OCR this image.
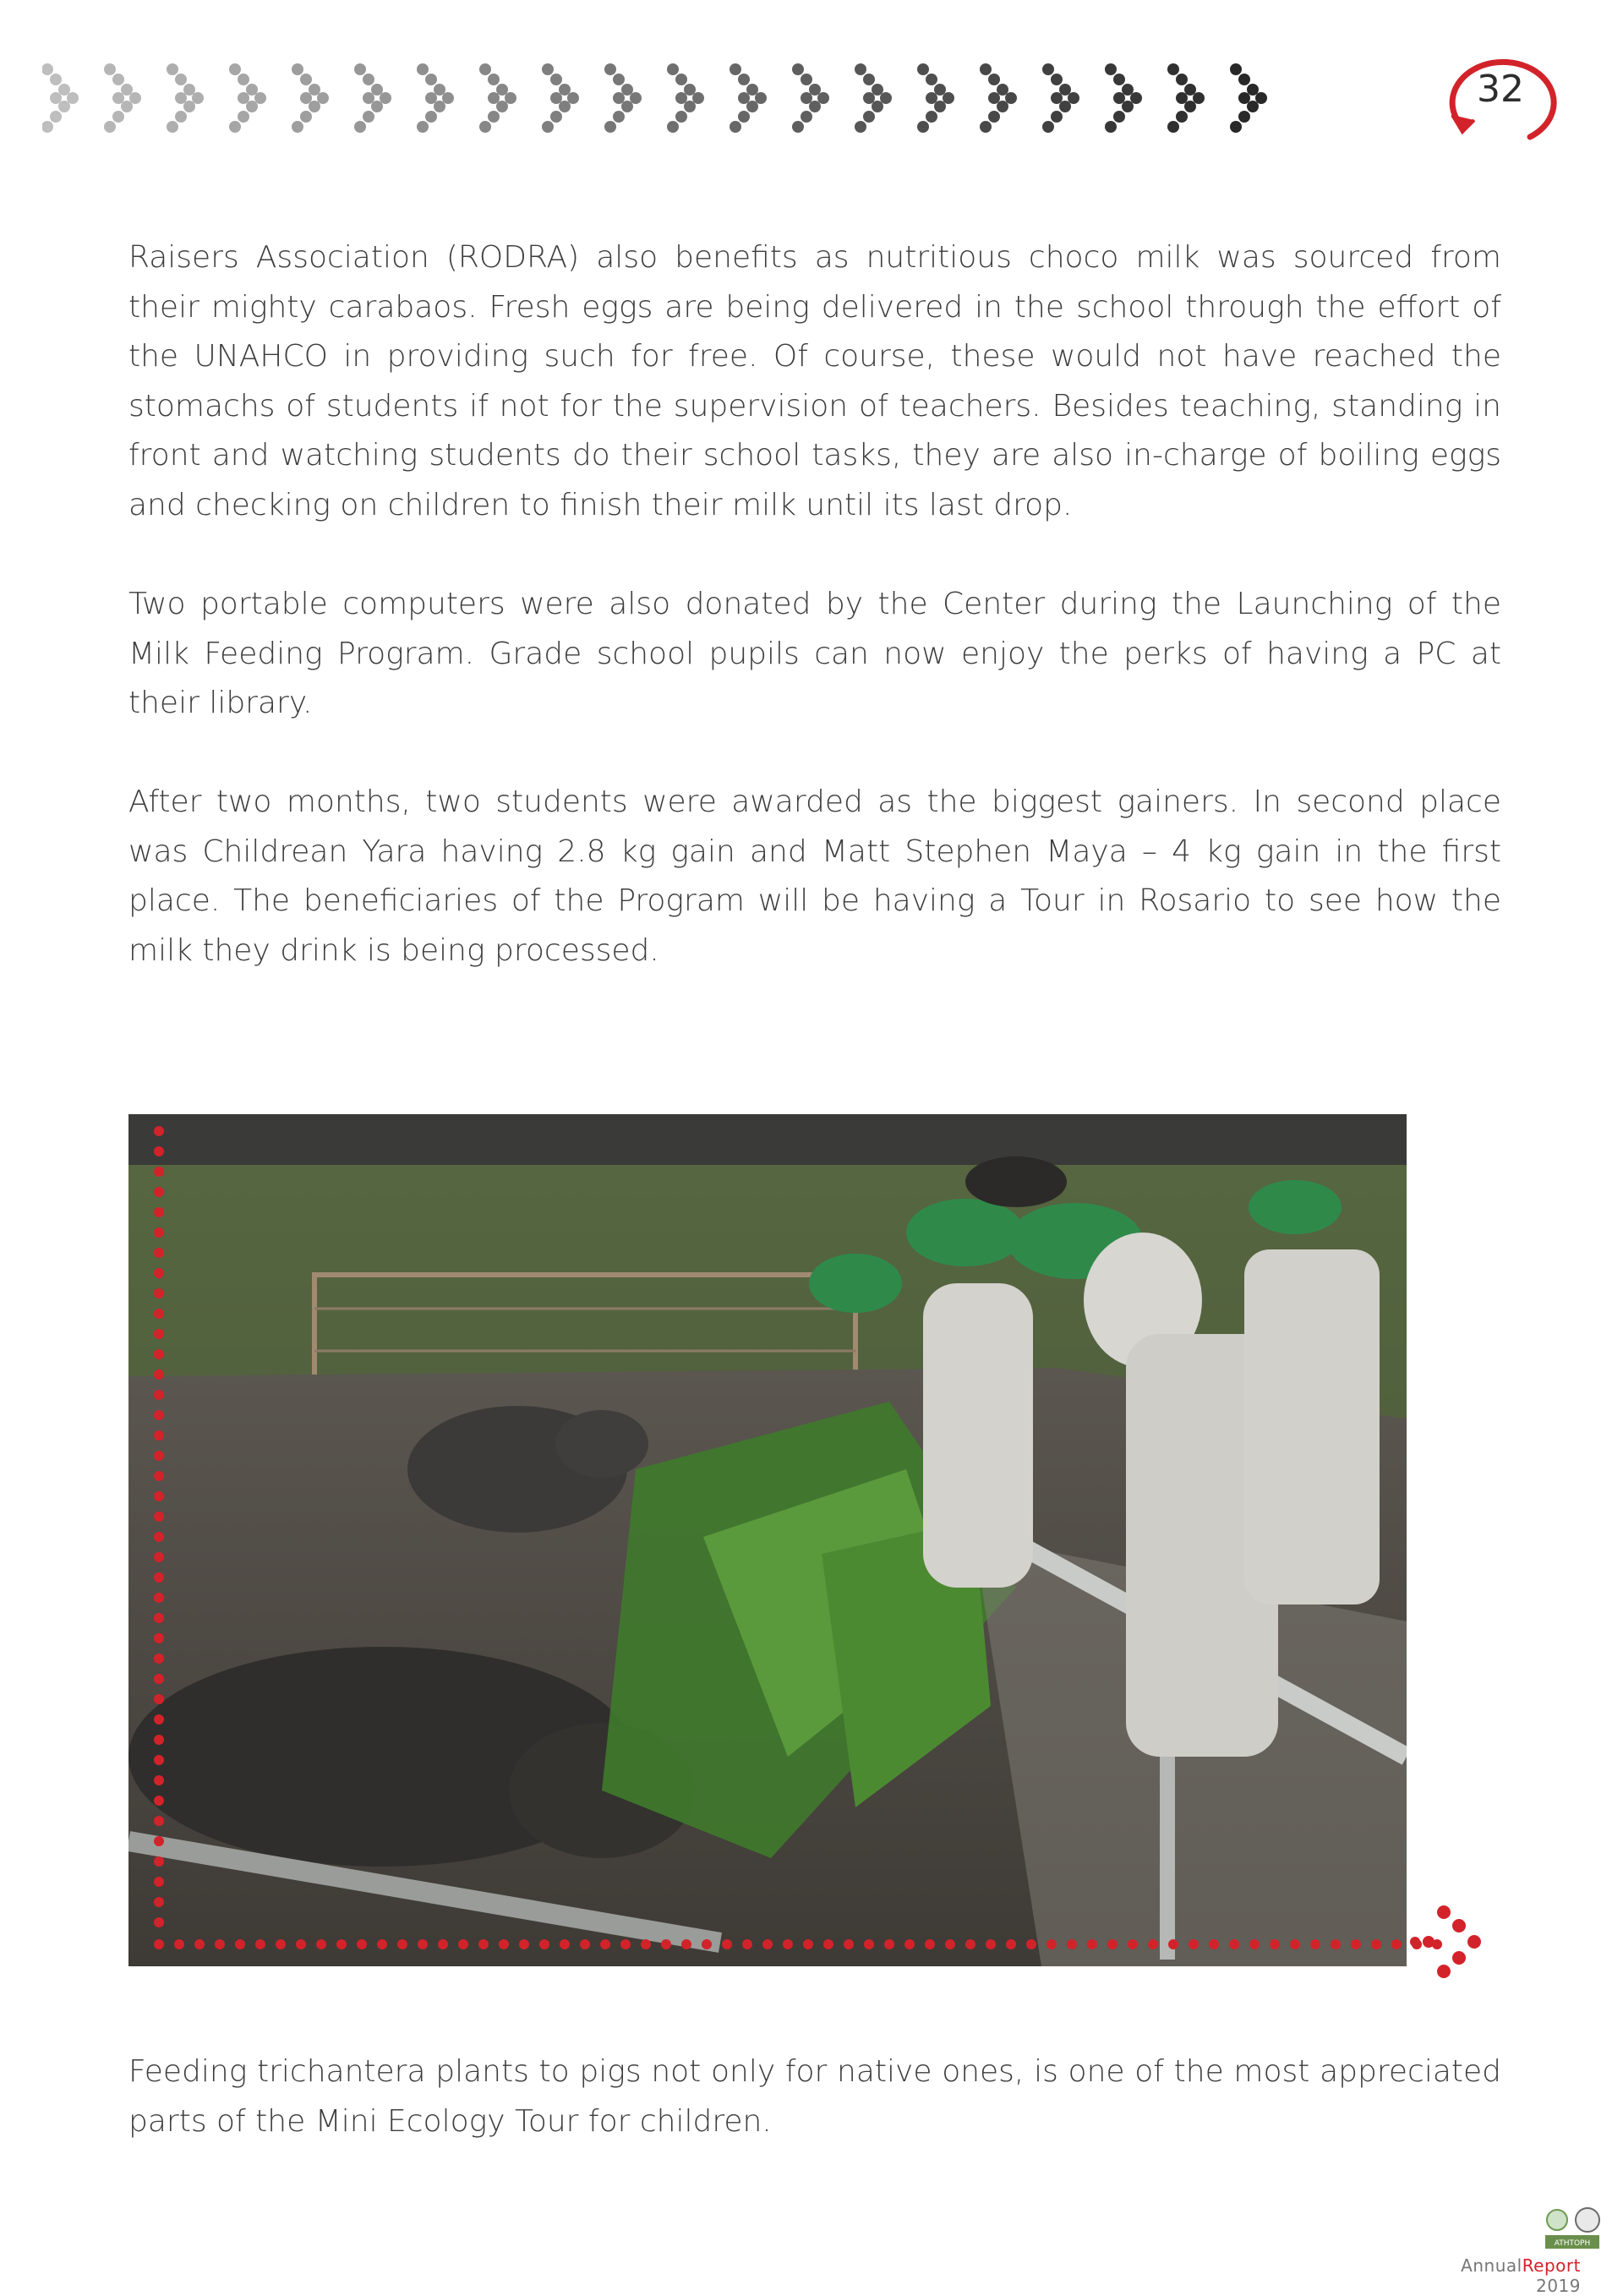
32
Raisers Association (RODRA) also benefits as nutritious choco milk was sourced from their mighty carabaos. Fresh eggs are being delivered in the school through the effort of the UNAHCO in providing such for free. Of course, these would not have reached the stomachs of students if not for the supervision of teachers. Besides teaching, standing in front and watching students do their school tasks, they are also in-charge of boiling eggs and checking on children to finish their milk until its last drop.
Two portable computers were also donated by the Center during the Launching of the Milk Feeding Program. Grade school pupils can now enjoy the perks of having a PC at their library.
After two months, two students were awarded as the biggest gainers. In second place was Childrean Yara having 2.8 kg gain and Matt Stephen Maya – 4 kg gain in the first place. The beneficiaries of the Program will be having a Tour in Rosario to see how the milk they drink is being processed.
Feeding trichantera plants to pigs not only for native ones, is one of the most appreciated parts of the Mini Ecology Tour for children.
ATHTOPH
AnnualReport 2019
